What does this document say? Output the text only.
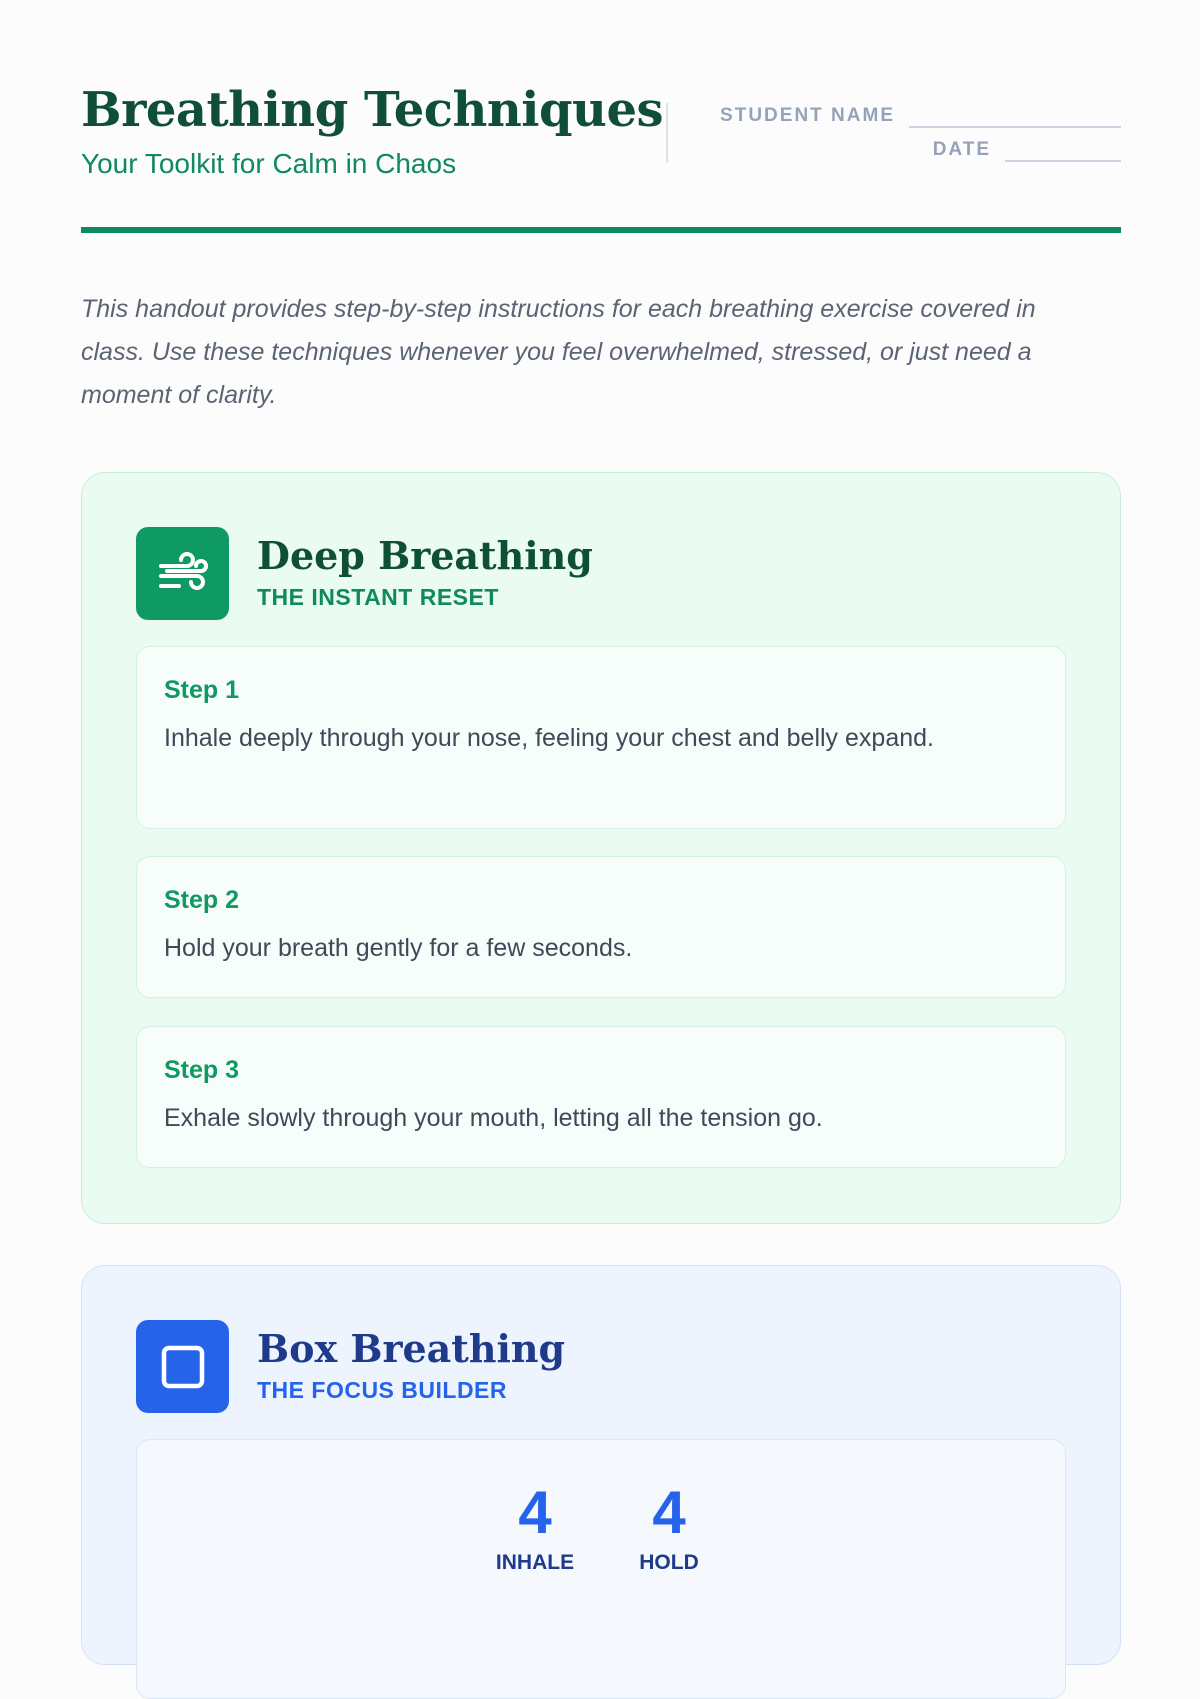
Breathing Techniques
Your Toolkit for Calm in Chaos
STUDENT NAME
DATE

This handout provides step-by-step instructions for each breathing exercise covered in class. Use these techniques whenever you feel overwhelmed, stressed, or just need a moment of clarity.

Deep Breathing
THE INSTANT RESET
Step 1
Inhale deeply through your nose, feeling your chest and belly expand.
Step 2
Hold your breath gently for a few seconds.
Step 3
Exhale slowly through your mouth, letting all the tension go.
Box Breathing
THE FOCUS BUILDER
4
INHALE
4
HOLD
